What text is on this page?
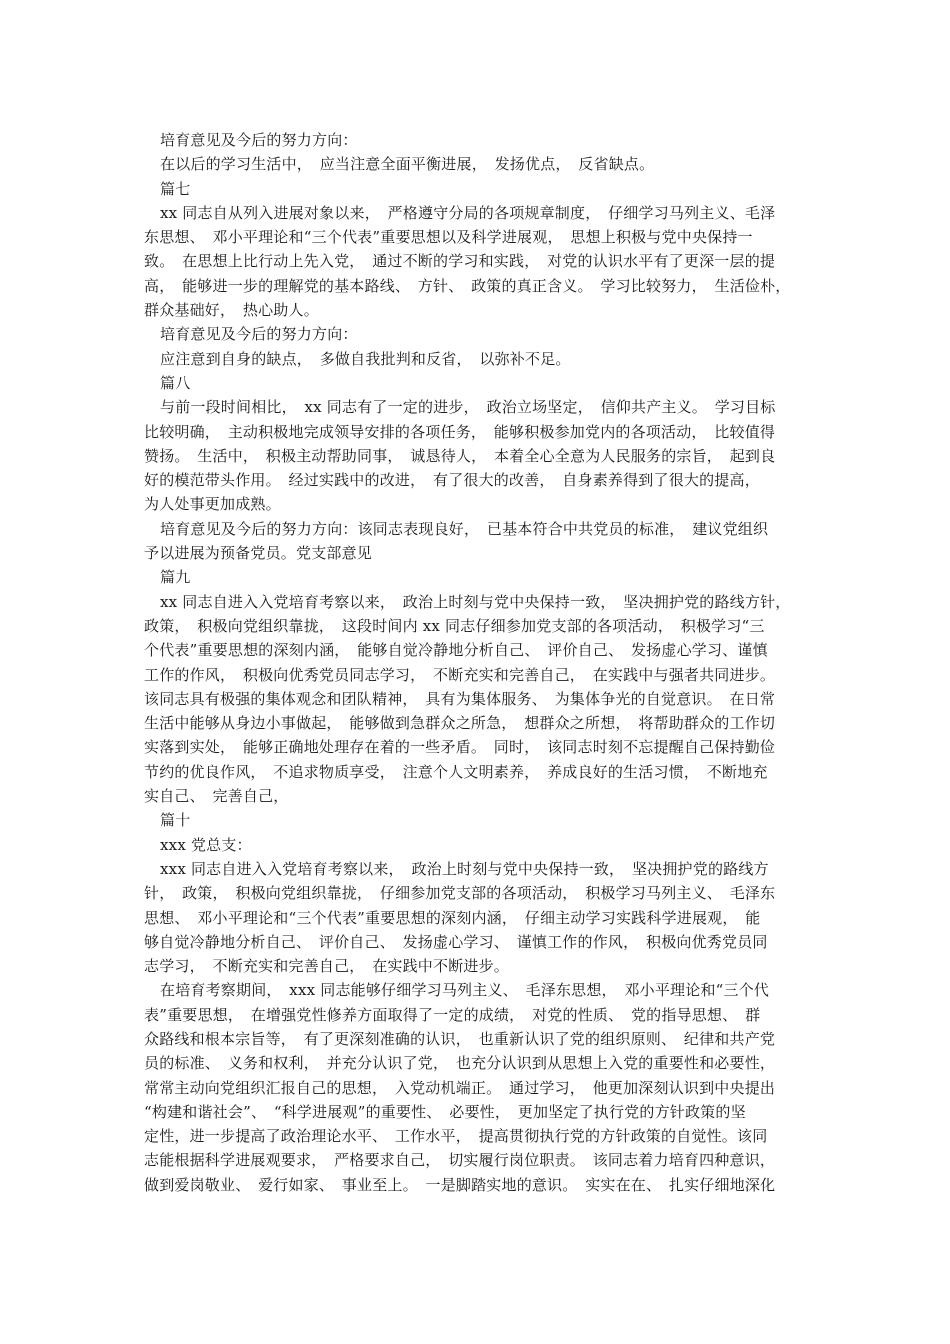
培育意见及今后的努力方向：
在以后的学习生活中，　应当注意全面平衡进展，　发扬优点，　反省缺点。
篇七
xx 同志自从列入进展对象以来，　严格遵守分局的各项规章制度，　仔细学习马列主义、毛泽
东思想、　邓小平理论和“三个代表”重要思想以及科学进展观，　思想上积极与党中央保持一
致。　在思想上比行动上先入党，　通过不断的学习和实践，　对党的认识水平有了更深一层的提
高，　能够进一步的理解党的基本路线、　方针、　政策的真正含义。　学习比较努力，　生活俭朴，
群众基础好，　热心助人。
培育意见及今后的努力方向：
应注意到自身的缺点，　多做自我批判和反省，　以弥补不足。
篇八
与前一段时间相比，　xx 同志有了一定的进步，　政治立场坚定，　信仰共产主义。　学习目标
比较明确，　主动积极地完成领导安排的各项任务，　能够积极参加党内的各项活动，　比较值得
赞扬。　生活中，　积极主动帮助同事，　诚恳待人，　本着全心全意为人民服务的宗旨，　起到良
好的模范带头作用。　经过实践中的改进，　有了很大的改善，　自身素养得到了很大的提高，
为人处事更加成熟。
培育意见及今后的努力方向：该同志表现良好，　已基本符合中共党员的标准，　建议党组织
予以进展为预备党员。党支部意见
篇九
xx 同志自进入入党培育考察以来，　政治上时刻与党中央保持一致，　坚决拥护党的路线方针，
政策，　积极向党组织靠拢，　这段时间内 xx 同志仔细参加党支部的各项活动，　积极学习“三
个代表”重要思想的深刻内涵，　能够自觉冷静地分析自己、　评价自己、　发扬虚心学习、谨慎
工作的作风，　积极向优秀党员同志学习，　不断充实和完善自己，　在实践中与强者共同进步。
该同志具有极强的集体观念和团队精神，　具有为集体服务、　为集体争光的自觉意识。　在日常
生活中能够从身边小事做起，　能够做到急群众之所急，　想群众之所想，　将帮助群众的工作切
实落到实处，　能够正确地处理存在着的一些矛盾。　同时，　该同志时刻不忘提醒自己保持勤俭
节约的优良作风，　不追求物质享受，　注意个人文明素养，　养成良好的生活习惯，　不断地充
实自己、　完善自己，
篇十
xxx 党总支：
xxx 同志自进入入党培育考察以来，　政治上时刻与党中央保持一致，　坚决拥护党的路线方
针，　政策，　积极向党组织靠拢，　仔细参加党支部的各项活动，　积极学习马列主义、　毛泽东
思想、　邓小平理论和“三个代表”重要思想的深刻内涵，　仔细主动学习实践科学进展观，　能
够自觉冷静地分析自己、　评价自己、　发扬虚心学习、　谨慎工作的作风，　积极向优秀党员同
志学习，　不断充实和完善自己，　在实践中不断进步。
在培育考察期间，　xxx 同志能够仔细学习马列主义、　毛泽东思想，　邓小平理论和“三个代
表”重要思想，　在增强党性修养方面取得了一定的成绩，　对党的性质、　党的指导思想、　群
众路线和根本宗旨等，　有了更深刻准确的认识，　也重新认识了党的组织原则、　纪律和共产党
员的标准、　义务和权利，　并充分认识了党，　也充分认识到从思想上入党的重要性和必要性，
常常主动向党组织汇报自己的思想，　入党动机端正。　通过学习，　他更加深刻认识到中央提出
“构建和谐社会”、　“科学进展观”的重要性、　必要性，　更加坚定了执行党的方针政策的坚
定性，进一步提高了政治理论水平、　工作水平，　提高贯彻执行党的方针政策的自觉性。该同
志能根据科学进展观要求，　严格要求自己，　切实履行岗位职责。　该同志着力培育四种意识，
做到爱岗敬业、　爱行如家、　事业至上。　一是脚踏实地的意识。　实实在在、　扎实仔细地深化
